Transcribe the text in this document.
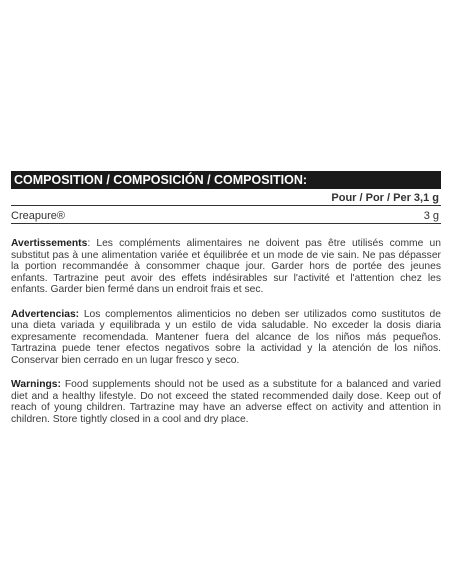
COMPOSITION / COMPOSICIÓN / COMPOSITION:
Pour / Por / Per 3,1 g
Creapure®	3 g

Avertissements: Les compléments alimentaires ne doivent pas être utilisés comme un substitut pas à une alimentation variée et équilibrée et un mode de vie sain. Ne pas dépasser la portion recommandée à consommer chaque jour. Garder hors de portée des jeunes enfants. Tartrazine peut avoir des effets indésirables sur l'activité et l'attention chez les enfants. Garder bien fermé dans un endroit frais et sec.

Advertencias: Los complementos alimenticios no deben ser utilizados como sustitutos de una dieta variada y equilibrada y un estilo de vida saludable. No exceder la dosis diaria expresamente recomendada. Mantener fuera del alcance de los niños más pequeños. Tartrazina puede tener efectos negativos sobre la actividad y la atención de los niños. Conservar bien cerrado en un lugar fresco y seco.

Warnings: Food supplements should not be used as a substitute for a balanced and varied diet and a healthy lifestyle. Do not exceed the stated recommended daily dose. Keep out of reach of young children. Tartrazine may have an adverse effect on activity and attention in children. Store tightly closed in a cool and dry place.
